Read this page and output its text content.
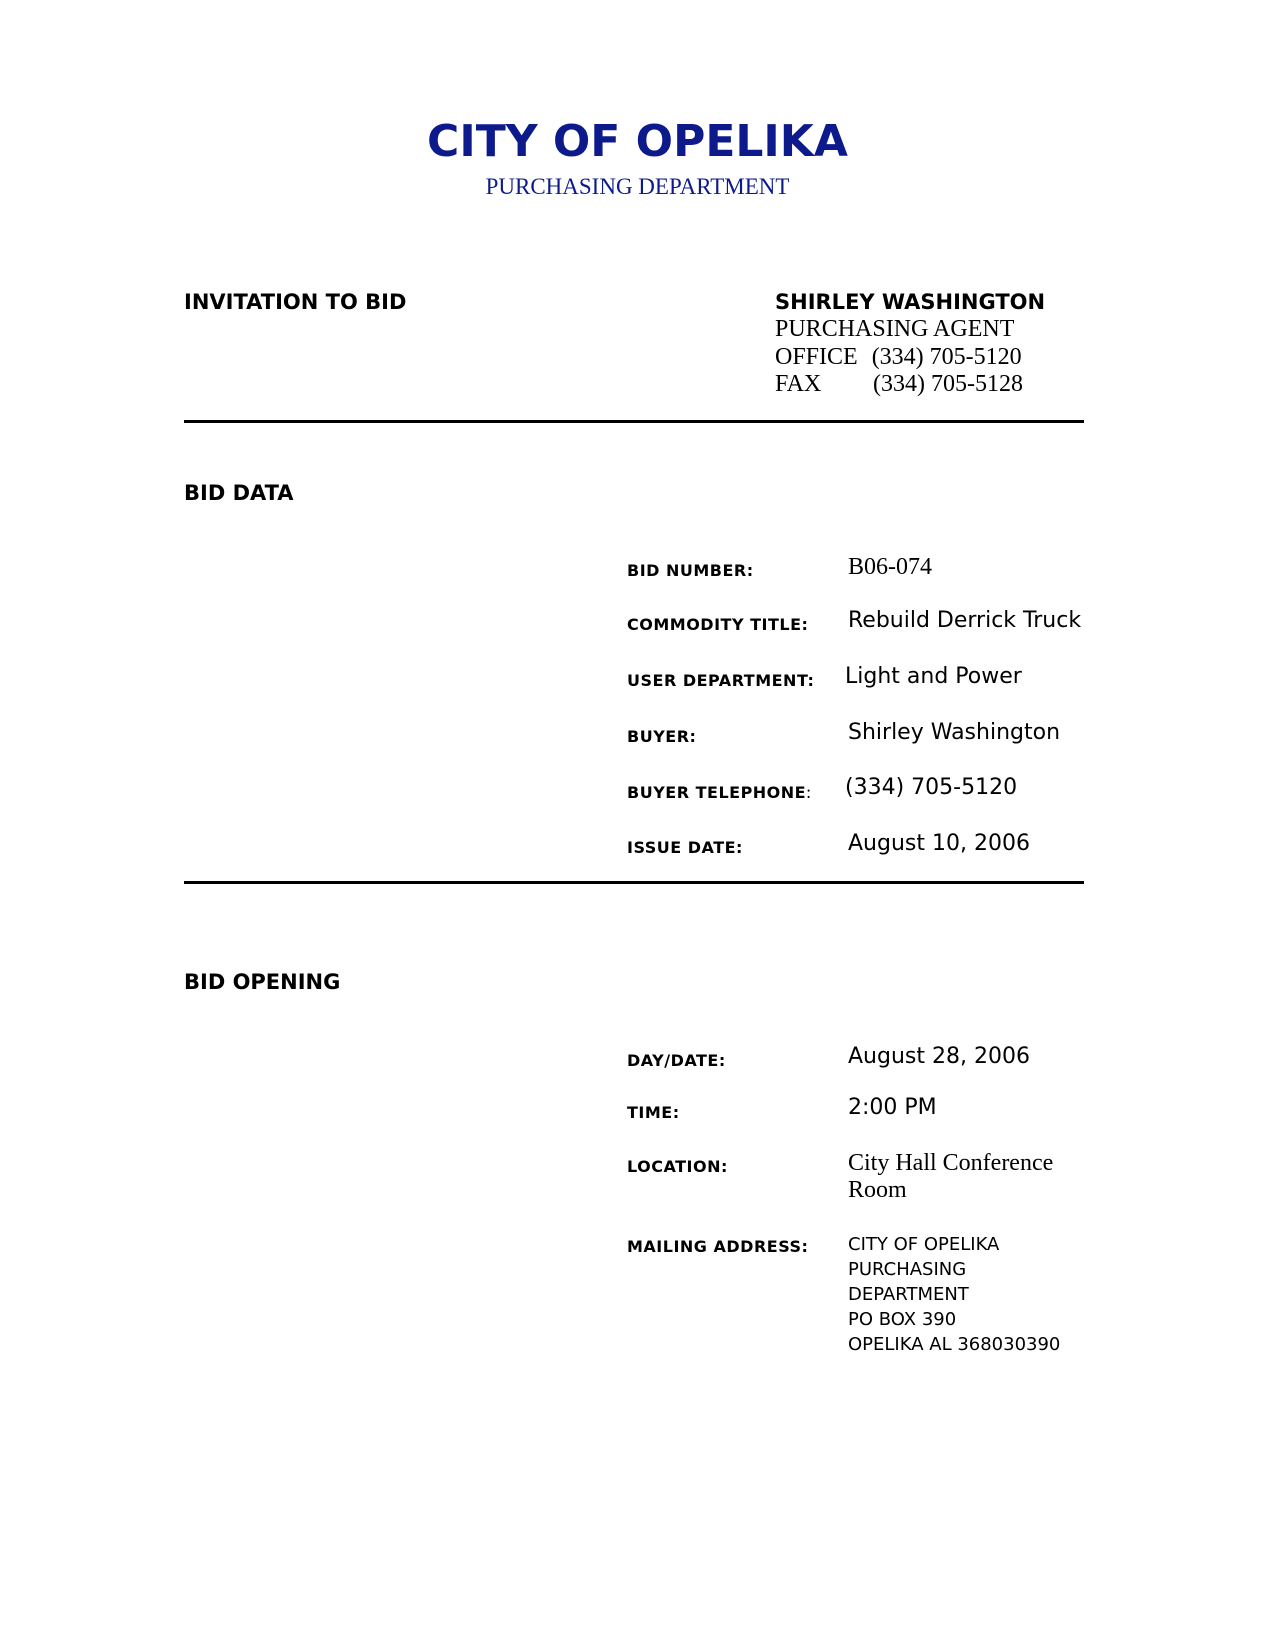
CITY OF OPELIKA
PURCHASING DEPARTMENT
INVITATION TO BID	SHIRLEY WASHINGTON
PURCHASING AGENT
OFFICE (334) 705-5120
FAX (334) 705-5128
BID DATA
BID NUMBER:	B06-074
COMMODITY TITLE: Rebuild Derrick Truck
USER DEPARTMENT: Light and Power
BUYER:	Shirley Washington
BUYER TELEPHONE: (334) 705-5120
ISSUE DATE:	August 10, 2006
BID OPENING
DAY/DATE:	August 28, 2006
TIME:	2:00 PM
LOCATION:	City Hall Conference Room
MAILING ADDRESS: CITY OF OPELIKA
PURCHASING DEPARTMENT
PO BOX 390
OPELIKA AL 368030390
